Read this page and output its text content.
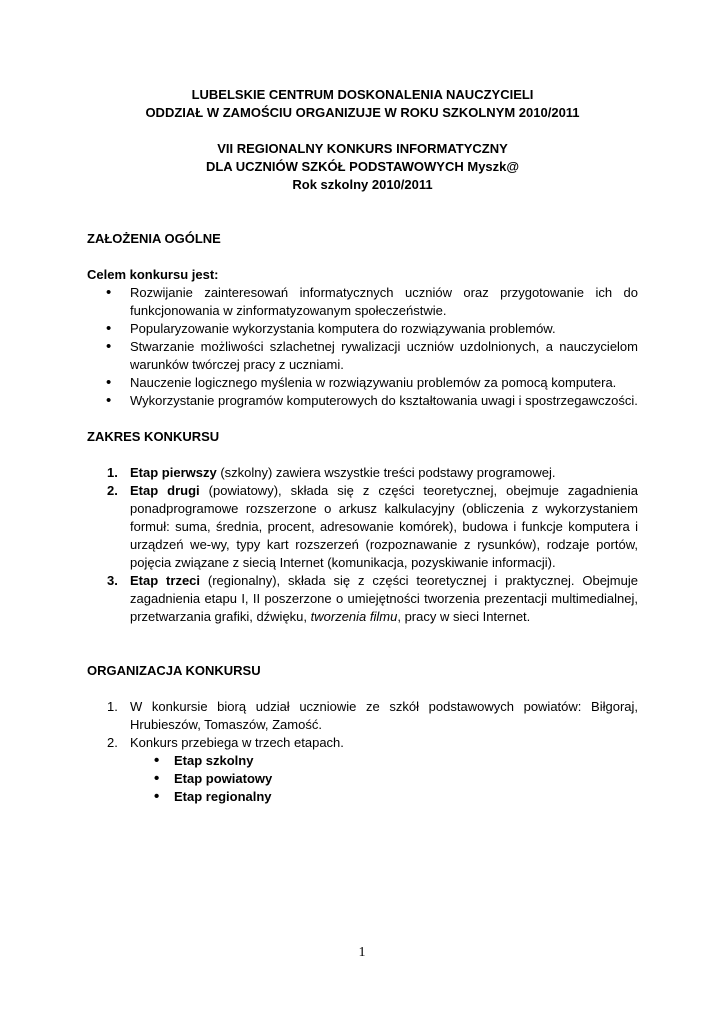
LUBELSKIE CENTRUM DOSKONALENIA NAUCZYCIELI
ODDZIAŁ W ZAMOŚCIU ORGANIZUJE W ROKU SZKOLNYM 2010/2011
VII REGIONALNY KONKURS INFORMATYCZNY
DLA UCZNIÓW SZKÓŁ PODSTAWOWYCH Myszk@
Rok szkolny 2010/2011
ZAŁOŻENIA OGÓLNE
Celem konkursu jest:
• Rozwijanie zainteresowań informatycznych uczniów oraz przygotowanie ich do funkcjonowania w zinformatyzowanym społeczeństwie.
• Popularyzowanie wykorzystania komputera do rozwiązywania problemów.
• Stwarzanie możliwości szlachetnej rywalizacji uczniów uzdolnionych, a nauczycielom warunków twórczej pracy z uczniami.
• Nauczenie logicznego myślenia w rozwiązywaniu problemów za pomocą komputera.
• Wykorzystanie programów komputerowych do kształtowania uwagi i spostrzegawczości.
ZAKRES KONKURSU
1. Etap pierwszy (szkolny) zawiera wszystkie treści podstawy programowej.
2. Etap drugi (powiatowy), składa się z części teoretycznej, obejmuje zagadnienia ponadprogramowe rozszerzone o arkusz kalkulacyjny (obliczenia z wykorzystaniem formuł: suma, średnia, procent, adresowanie komórek), budowa i funkcje komputera i urządzeń we-wy, typy kart rozszerzeń (rozpoznawanie z rysunków), rodzaje portów, pojęcia związane z siecią Internet (komunikacja, pozyskiwanie informacji).
3. Etap trzeci (regionalny), składa się z części teoretycznej i praktycznej. Obejmuje zagadnienia etapu I, II poszerzone o umiejętności tworzenia prezentacji multimedialnej, przetwarzania grafiki, dźwięku, tworzenia filmu, pracy w sieci Internet.
ORGANIZACJA KONKURSU
1. W konkursie biorą udział uczniowie ze szkół podstawowych powiatów: Biłgoraj, Hrubieszów, Tomaszów, Zamość.
2. Konkurs przebiega w trzech etapach.
• Etap szkolny
• Etap powiatowy
• Etap regionalny
1
